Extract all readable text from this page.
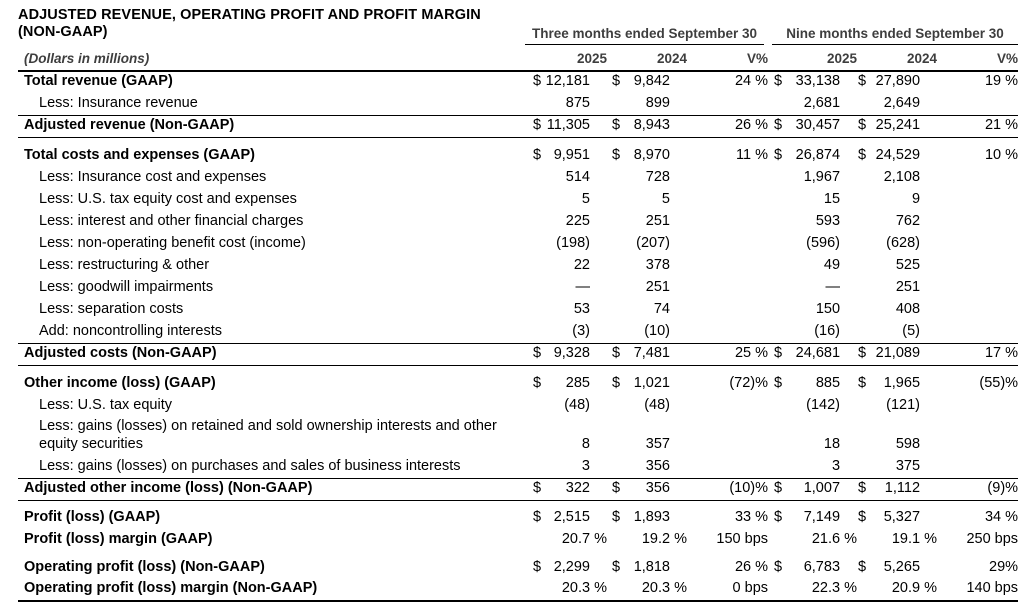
ADJUSTED REVENUE, OPERATING PROFIT AND PROFIT MARGIN (NON-GAAP)

	Three months ended September 30			Nine months ended September 30		

(Dollars in millions)	2025	2024	V%	2025	2024	V%

Total revenue (GAAP)	$ 12,181	$ 9,842	24 %	$ 33,138	$ 27,890	19 %

Less: Insurance revenue	875	899		2,681	2,649	

Adjusted revenue (Non-GAAP)	$ 11,305	$ 8,943	26 %	$ 30,457	$ 25,241	21 %

Total costs and expenses (GAAP)	$ 9,951	$ 8,970	11 %	$ 26,874	$ 24,529	10 %

Less: Insurance cost and expenses	514	728		1,967	2,108	

Less: U.S. tax equity cost and expenses	5	5		15	9	

Less: interest and other financial charges	225	251		593	762	

Less: non-operating benefit cost (income)	(198)	(207)		(596)	(628)	

Less: restructuring & other	22	378		49	525	

Less: goodwill impairments	—	251		—	251	

Less: separation costs	53	74		150	408	

Add: noncontrolling interests	(3)	(10)		(16)	(5)	

Adjusted costs (Non-GAAP)	$ 9,328	$ 7,481	25 %	$ 24,681	$ 21,089	17 %

Other income (loss) (GAAP)	$ 285	$ 1,021	(72)%	$ 885	$ 1,965	(55)%

Less: U.S. tax equity	(48)	(48)		(142)	(121)	

Less: gains (losses) on retained and sold ownership interests and other equity securities	8	357		18	598	

Less: gains (losses) on purchases and sales of business interests	3	356		3	375	

Adjusted other income (loss) (Non-GAAP)	$ 322	$ 356	(10)%	$ 1,007	$ 1,112	(9)%

Profit (loss) (GAAP)	$ 2,515	$ 1,893	33 %	$ 7,149	$ 5,327	34 %

Profit (loss) margin (GAAP)	20.7 %	19.2 %	150 bps	21.6 %	19.1 %	250 bps

Operating profit (loss) (Non-GAAP)	$ 2,299	$ 1,818	26 %	$ 6,783	$ 5,265	29%

Operating profit (loss) margin (Non-GAAP)	20.3 %	20.3 %	0 bps	22.3 %	20.9 %	140 bps
